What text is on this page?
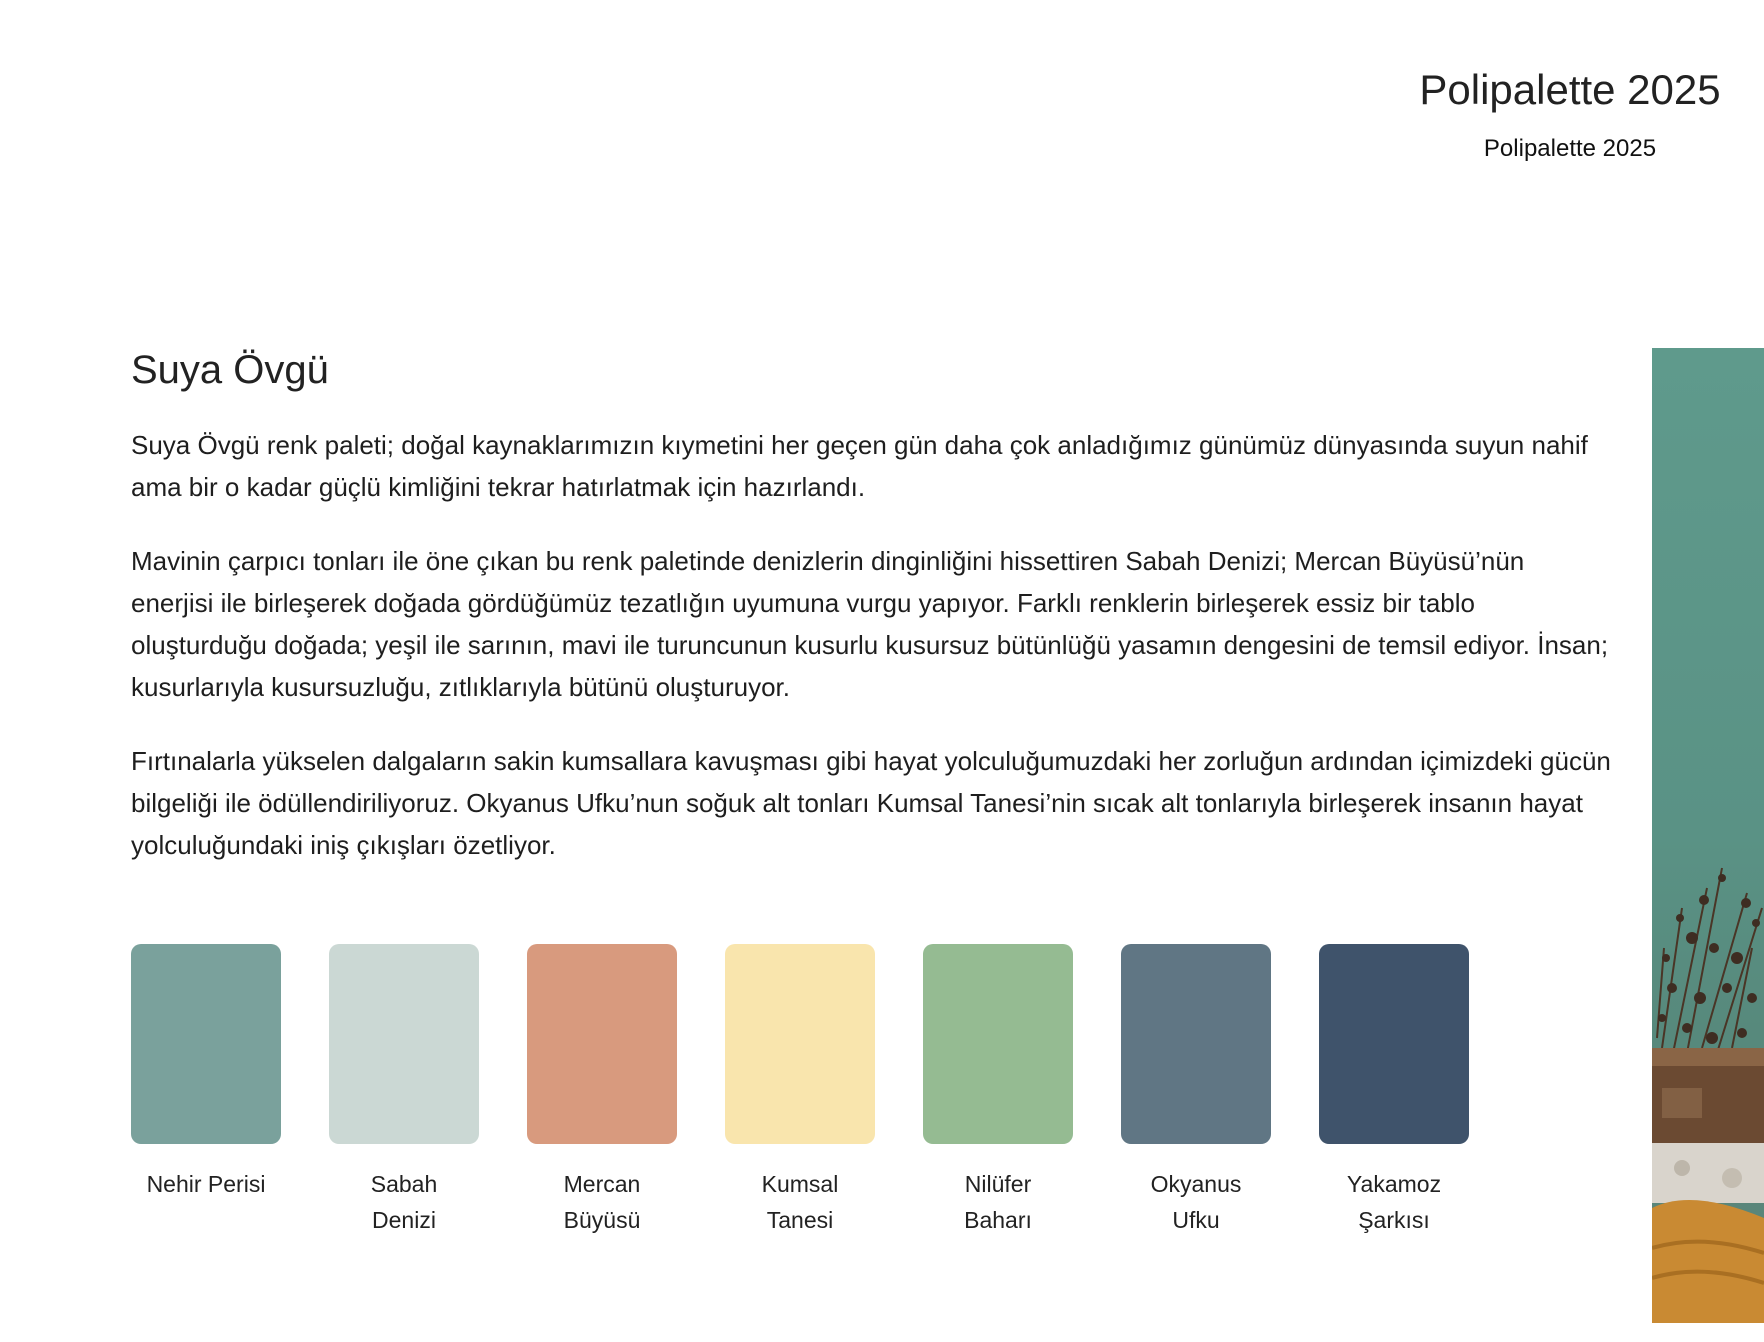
Polipalette 2025
Polipalette 2025
Suya Övgü

Suya Övgü renk paleti; doğal kaynaklarımızın kıymetini her geçen gün daha çok anladığımız günümüz dünyasında suyun nahif ama bir o kadar güçlü kimliğini tekrar hatırlatmak için hazırlandı.

Mavinin çarpıcı tonları ile öne çıkan bu renk paletinde denizlerin dinginliğini hissettiren Sabah Denizi; Mercan Büyüsü’nün enerjisi ile birleşerek doğada gördüğümüz tezatlığın uyumuna vurgu yapıyor. Farklı renklerin birleşerek essiz bir tablo oluşturduğu doğada; yeşil ile sarının, mavi ile turuncunun kusurlu kusursuz bütünlüğü yasamın dengesini de temsil ediyor. İnsan; kusurlarıyla kusursuzluğu, zıtlıklarıyla bütünü oluşturuyor.

Fırtınalarla yükselen dalgaların sakin kumsallara kavuşması gibi hayat yolculuğumuzdaki her zorluğun ardından içimizdeki gücün bilgeliği ile ödüllendiriliyoruz. Okyanus Ufku’nun soğuk alt tonları Kumsal Tanesi’nin sıcak alt tonlarıyla birleşerek insanın hayat yolculuğundaki iniş çıkışları özetliyor.

Nehir Perisi	Sabah Denizi
Mercan Büyüsü
Kumsal Tanesi
Nilüfer Baharı
Okyanus Ufku
Yakamoz Şarkısı
